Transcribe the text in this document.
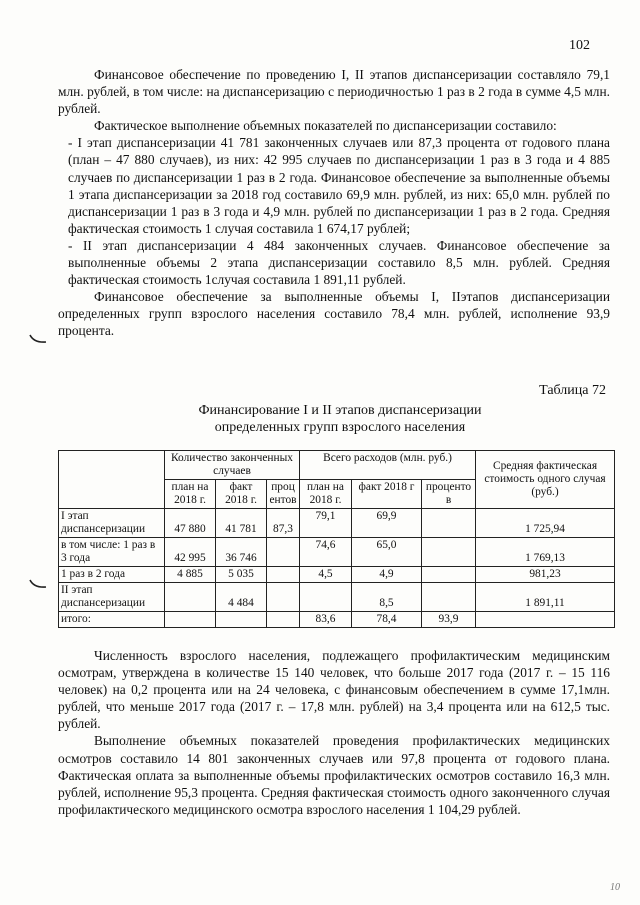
102

Финансовое обеспечение по проведению I, II этапов диспансеризации составляло 79,1 млн. рублей, в том числе: на диспансеризацию с периодичностью 1 раз в 2 года в сумме 4,5 млн. рублей.

Фактическое выполнение объемных показателей по диспансеризации составило:

- I этап диспансеризации 41 781 законченных случаев или 87,3 процента от годового плана (план – 47 880 случаев), из них: 42 995 случаев по диспансеризации 1 раз в 3 года и 4 885 случаев по диспансеризации 1 раз в 2 года. Финансовое обеспечение за выполненные объемы 1 этапа диспансеризации за 2018 год составило 69,9 млн. рублей, из них: 65,0 млн. рублей по диспансеризации 1 раз в 3 года и 4,9 млн. рублей по диспансеризации 1 раз в 2 года. Средняя фактическая стоимость 1 случая составила 1 674,17 рублей;

- II этап диспансеризации 4 484 законченных случаев. Финансовое обеспечение за выполненные объемы 2 этапа диспансеризации составило 8,5 млн. рублей. Средняя фактическая стоимость 1случая составила 1 891,11 рублей.

Финансовое обеспечение за выполненные объемы I, IIэтапов диспансеризации определенных групп взрослого населения составило 78,4 млн. рублей, исполнение 93,9 процента.

Таблица 72
Финансирование I и II этапов диспансеризации
определенных групп взрослого населения
	Количество законченных случаев			Всего расходов (млн. руб.)			Средняя фактическая стоимость одного случая (руб.)
	план на 2018 г.	факт 2018 г.	процентов	план на 2018 г.	факт 2018 г	процентов	
I этап диспансеризации	47 880	41 781	87,3	79,1	69,9		1 725,94
в том числе: 1 раз в 3 года	42 995	36 746		74,6	65,0		1 769,13
1 раз в 2 года	4 885	5 035		4,5	4,9		981,23
II этап диспансеризации		4 484			8,5		1 891,11
итого:				83,6	78,4	93,9	

Численность взрослого населения, подлежащего профилактическим медицинским осмотрам, утверждена в количестве 15 140 человек, что больше 2017 года (2017 г. – 15 116 человек) на 0,2 процента или на 24 человека, с финансовым обеспечением в сумме 17,1млн. рублей, что меньше 2017 года (2017 г. – 17,8 млн. рублей) на 3,4 процента или на 612,5 тыс. рублей.

Выполнение объемных показателей проведения профилактических медицинских осмотров составило 14 801 законченных случаев или 97,8 процента от годового плана. Фактическая оплата за выполненные объемы профилактических осмотров составило 16,3 млн. рублей, исполнение 95,3 процента. Средняя фактическая стоимость одного законченного случая профилактического медицинского осмотра взрослого населения 1 104,29 рублей.

10
